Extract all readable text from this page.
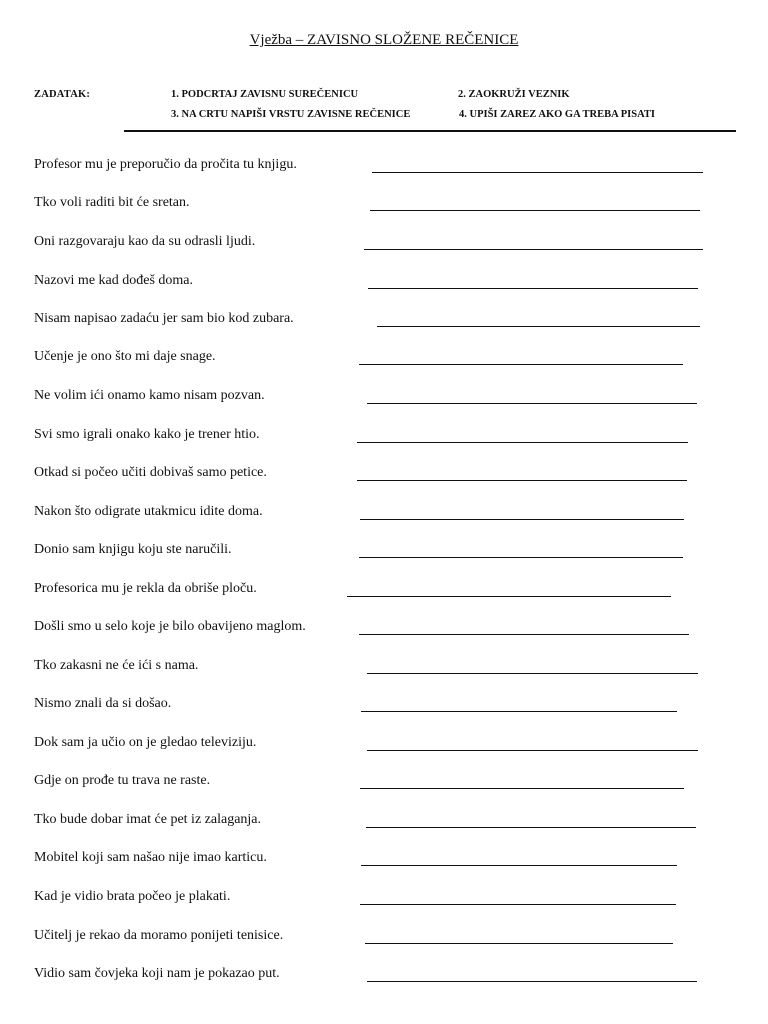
Vježba – ZAVISNO SLOŽENE REČENICE
ZADATAK:	1. PODCRTAJ ZAVISNU SUREČENICU	2. ZAOKRUŽI VEZNIK
3. NA CRTU NAPIŠI VRSTU ZAVISNE REČENICE	4. UPIŠI ZAREZ AKO GA TREBA PISATI
Profesor mu je preporučio da pročita tu knjigu.
Tko voli raditi bit će sretan.
Oni razgovaraju kao da su odrasli ljudi.
Nazovi me kad dođeš doma.
Nisam napisao zadaću jer sam bio kod zubara.
Učenje je ono što mi daje snage.
Ne volim ići onamo kamo nisam pozvan.
Svi smo igrali onako kako je trener htio.
Otkad si počeo učiti dobivaš samo petice.
Nakon što odigrate utakmicu idite doma.
Donio sam knjigu koju ste naručili.
Profesorica mu je rekla da obriše ploču.
Došli smo u selo koje je bilo obavijeno maglom.
Tko zakasni ne će ići s nama.
Nismo znali da si došao.
Dok sam ja učio on je gledao televiziju.
Gdje on prođe tu trava ne raste.
Tko bude dobar imat će pet iz zalaganja.
Mobitel koji sam našao nije imao karticu.
Kad je vidio brata počeo je plakati.
Učitelj je rekao da moramo ponijeti tenisice.
Vidio sam čovjeka koji nam je pokazao put.
